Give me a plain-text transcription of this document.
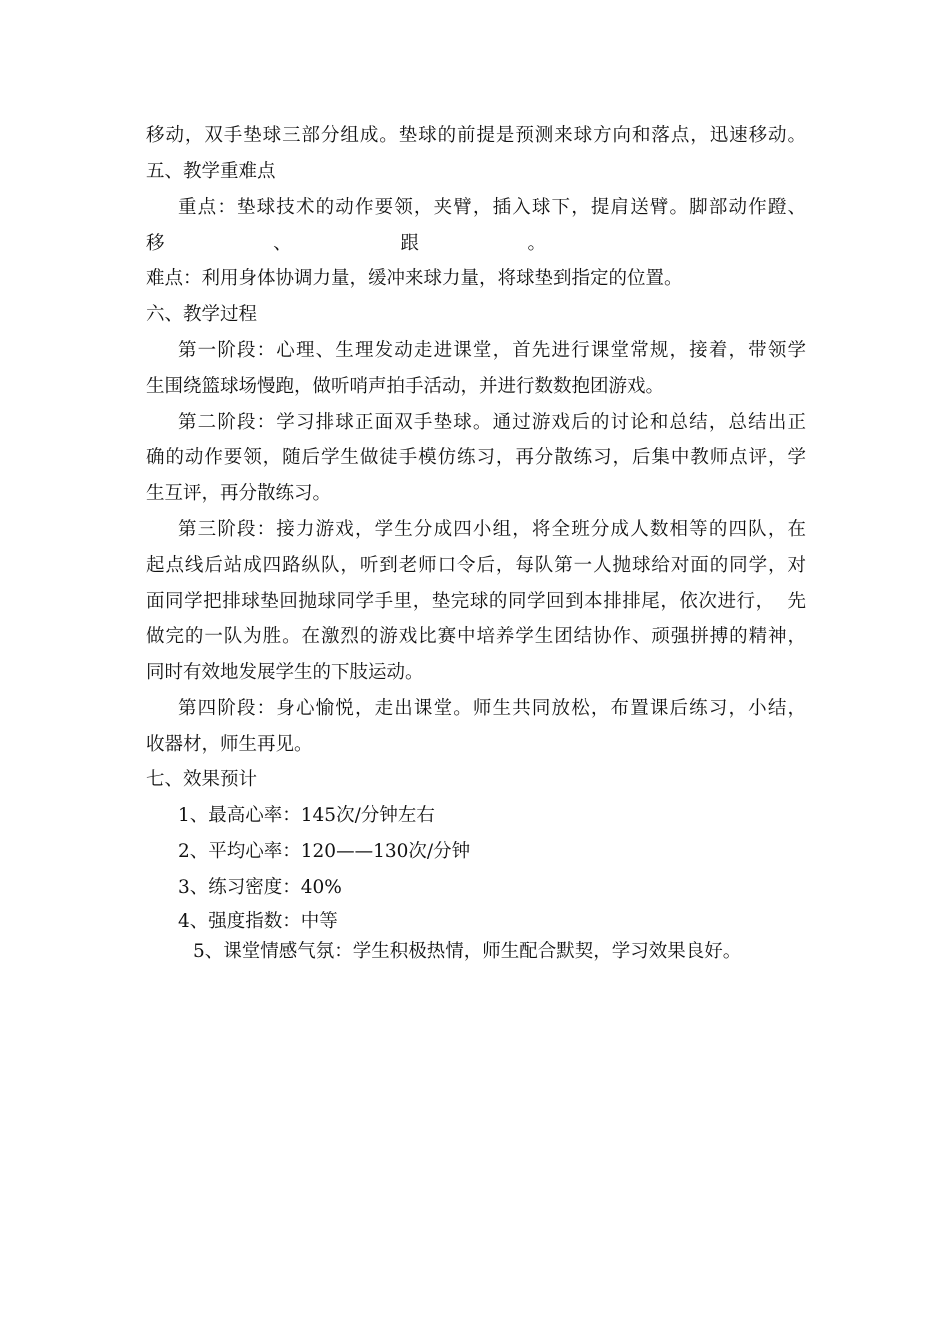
移动，双手垫球三部分组成。垫球的前提是预测来球方向和落点，迅速移动。
五、教学重难点
重点：垫球技术的动作要领，夹臂，插入球下，提肩送臂。脚部动作蹬、
移	、	跟	。
难点：利用身体协调力量，缓冲来球力量，将球垫到指定的位置。
六、教学过程
第一阶段：心理、生理发动走进课堂，首先进行课堂常规，接着，带领学
生围绕篮球场慢跑，做听哨声拍手活动，并进行数数抱团游戏。
第二阶段：学习排球正面双手垫球。通过游戏后的讨论和总结，总结出正
确的动作要领，随后学生做徒手模仿练习，再分散练习，后集中教师点评，学
生互评，再分散练习。
第三阶段：接力游戏，学生分成四小组，将全班分成人数相等的四队，在
起点线后站成四路纵队，听到老师口令后，每队第一人抛球给对面的同学，对
面同学把排球垫回抛球同学手里，垫完球的同学回到本排排尾，依次进行，  先
做完的一队为胜。在激烈的游戏比赛中培养学生团结协作、顽强拼搏的精神，
同时有效地发展学生的下肢运动。
第四阶段：身心愉悦，走出课堂。师生共同放松，布置课后练习，小结，
收器材，师生再见。
七、效果预计
1、最高心率：145次/分钟左右
2、平均心率：120——130次/分钟
3、练习密度：40%
4、强度指数：中等
5、课堂情感气氛：学生积极热情，师生配合默契，学习效果良好。
